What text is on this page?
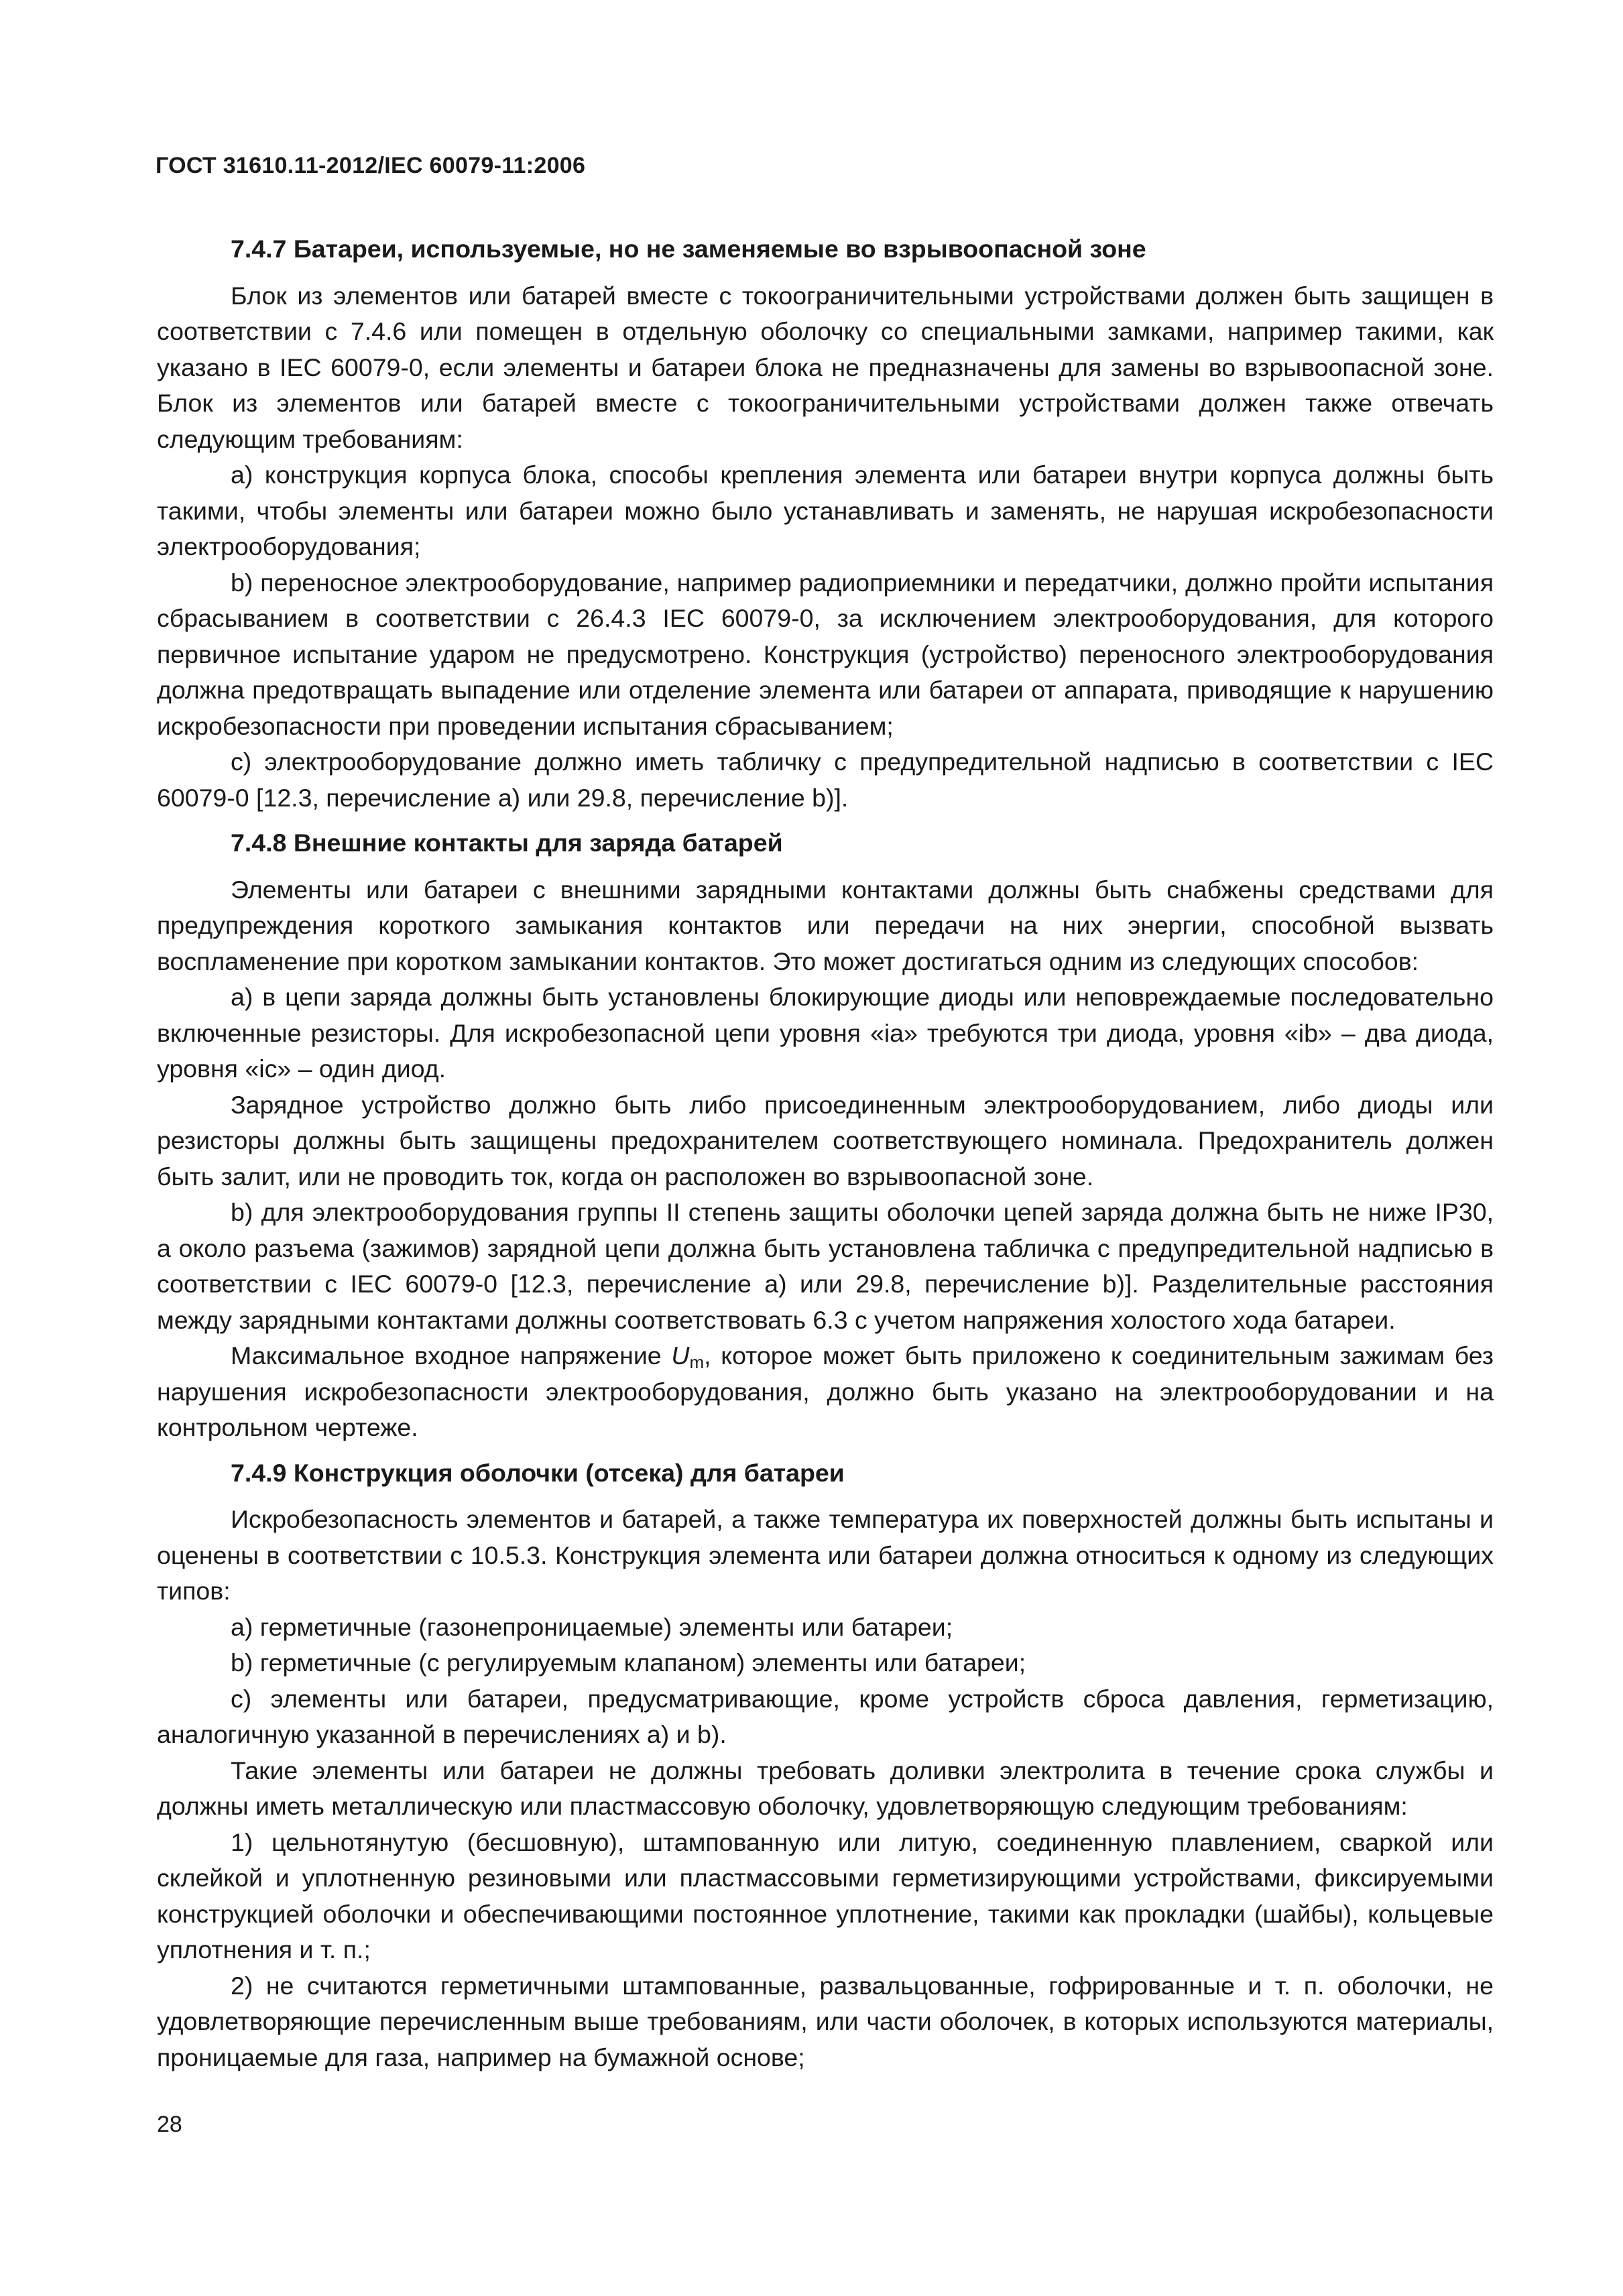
ГОСТ 31610.11-2012/IEC 60079-11:2006
7.4.7 Батареи, используемые, но не заменяемые во взрывоопасной зоне

Блок из элементов или батарей вместе с токоограничительными устройствами должен быть защищен в соответствии с 7.4.6 или помещен в отдельную оболочку со специальными замками, например такими, как указано в IEC 60079-0, если элементы и батареи блока не предназначены для замены во взрывоопасной зоне. Блок из элементов или батарей вместе с токоограничительными устройствами должен также отвечать следующим требованиям:

a) конструкция корпуса блока, способы крепления элемента или батареи внутри корпуса должны быть такими, чтобы элементы или батареи можно было устанавливать и заменять, не нарушая искробезопасности электрооборудования;

b) переносное электрооборудование, например радиоприемники и передатчики, должно пройти испытания сбрасыванием в соответствии с 26.4.3 IEC 60079-0, за исключением электрооборудования, для которого первичное испытание ударом не предусмотрено. Конструкция (устройство) переносного электрооборудования должна предотвращать выпадение или отделение элемента или батареи от аппарата, приводящие к нарушению искробезопасности при проведении испытания сбрасыванием;

c) электрооборудование должно иметь табличку с предупредительной надписью в соответствии с IEC 60079-0 [12.3, перечисление a) или 29.8, перечисление b)].

7.4.8 Внешние контакты для заряда батарей

Элементы или батареи с внешними зарядными контактами должны быть снабжены средствами для предупреждения короткого замыкания контактов или передачи на них энергии, способной вызвать воспламенение при коротком замыкании контактов. Это может достигаться одним из следующих способов:

a) в цепи заряда должны быть установлены блокирующие диоды или неповреждаемые последовательно включенные резисторы. Для искробезопасной цепи уровня «ia» требуются три диода, уровня «ib» – два диода, уровня «ic» – один диод.

Зарядное устройство должно быть либо присоединенным электрооборудованием, либо диоды или резисторы должны быть защищены предохранителем соответствующего номинала. Предохранитель должен быть залит, или не проводить ток, когда он расположен во взрывоопасной зоне.

b) для электрооборудования группы II степень защиты оболочки цепей заряда должна быть не ниже IP30, а около разъема (зажимов) зарядной цепи должна быть установлена табличка с предупредительной надписью в соответствии с IEC 60079-0 [12.3, перечисление a) или 29.8, перечисление b)]. Разделительные расстояния между зарядными контактами должны соответствовать 6.3 с учетом напряжения холостого хода батареи.

Максимальное входное напряжение $U_m$, которое может быть приложено к соединительным зажимам без нарушения искробезопасности электрооборудования, должно быть указано на электрооборудовании и на контрольном чертеже.

7.4.9 Конструкция оболочки (отсека) для батареи

Искробезопасность элементов и батарей, а также температура их поверхностей должны быть испытаны и оценены в соответствии с 10.5.3. Конструкция элемента или батареи должна относиться к одному из следующих типов:

a) герметичные (газонепроницаемые) элементы или батареи;

b) герметичные (с регулируемым клапаном) элементы или батареи;

c) элементы или батареи, предусматривающие, кроме устройств сброса давления, герметизацию, аналогичную указанной в перечислениях a) и b).

Такие элементы или батареи не должны требовать доливки электролита в течение срока службы и должны иметь металлическую или пластмассовую оболочку, удовлетворяющую следующим требованиям:

1) цельнотянутую (бесшовную), штампованную или литую, соединенную плавлением, сваркой или склейкой и уплотненную резиновыми или пластмассовыми герметизирующими устройствами, фиксируемыми конструкцией оболочки и обеспечивающими постоянное уплотнение, такими как прокладки (шайбы), кольцевые уплотнения и т. п.;

2) не считаются герметичными штампованные, развальцованные, гофрированные и т. п. оболочки, не удовлетворяющие перечисленным выше требованиям, или части оболочек, в которых используются материалы, проницаемые для газа, например на бумажной основе;

28
